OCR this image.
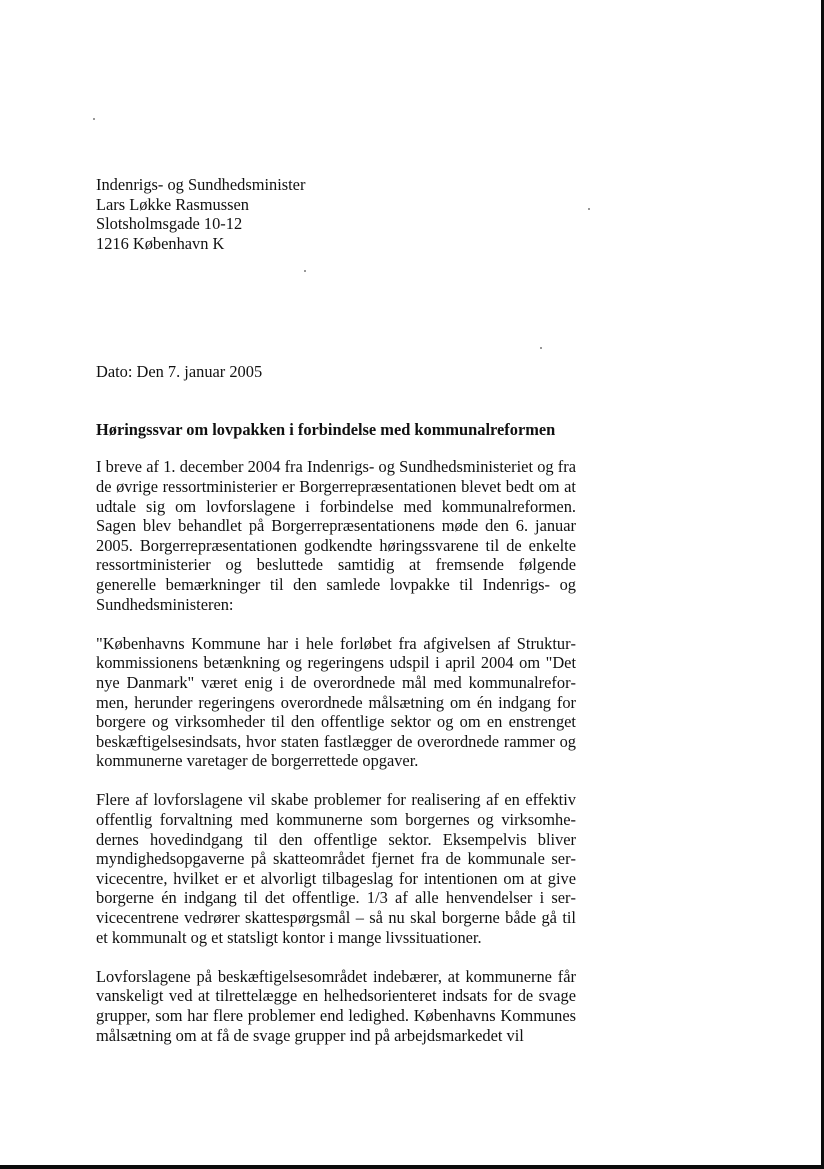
Indenrigs- og Sundhedsminister
Lars Løkke Rasmussen
Slotsholmsgade 10-12
1216 København K
Dato: Den 7. januar 2005
Høringssvar om lovpakken i forbindelse med kommunalreformen

I breve af 1. december 2004 fra Indenrigs- og Sundhedsministeriet og fra de øvrige ressortministerier er Borgerrepræsentationen blevet bedt om at udtale sig om lovforslagene i forbindelse med kommunalreformen. Sagen blev behandlet på Borgerrepræsentationens møde den 6. januar 2005. Borgerrepræsentationen godkendte høringssvarene til de enkelte ressortministerier og besluttede samtidig at fremsende følgende generelle bemærkninger til den samlede lovpakke til Indenrigs- og Sundhedsministeren:

"Københavns Kommune har i hele forløbet fra afgivelsen af Strukturkommissionens betænkning og regeringens udspil i april 2004 om "Det nye Danmark" været enig i de overordnede mål med kommunalreformen, herunder regeringens overordnede målsætning om én indgang for borgere og virksomheder til den offentlige sektor og om en enstrenget beskæftigelsesindsats, hvor staten fastlægger de overordnede rammer og kommunerne varetager de borgerrettede opgaver.

Flere af lovforslagene vil skabe problemer for realisering af en effektiv offentlig forvaltning med kommunerne som borgernes og virksomhedernes hovedindgang til den offentlige sektor. Eksempelvis bliver myndighedsopgaverne på skatteområdet fjernet fra de kommunale servicecentre, hvilket er et alvorligt tilbageslag for intentionen om at give borgerne én indgang til det offentlige. 1/3 af alle henvendelser i servicecentrene vedrører skattespørgsmål – så nu skal borgerne både gå til et kommunalt og et statsligt kontor i mange livssituationer.

Lovforslagene på beskæftigelsesområdet indebærer, at kommunerne får vanskeligt ved at tilrettelægge en helhedsorienteret indsats for de svage grupper, som har flere problemer end ledighed. Københavns Kommunes målsætning om at få de svage grupper ind på arbejdsmarkedet vil
